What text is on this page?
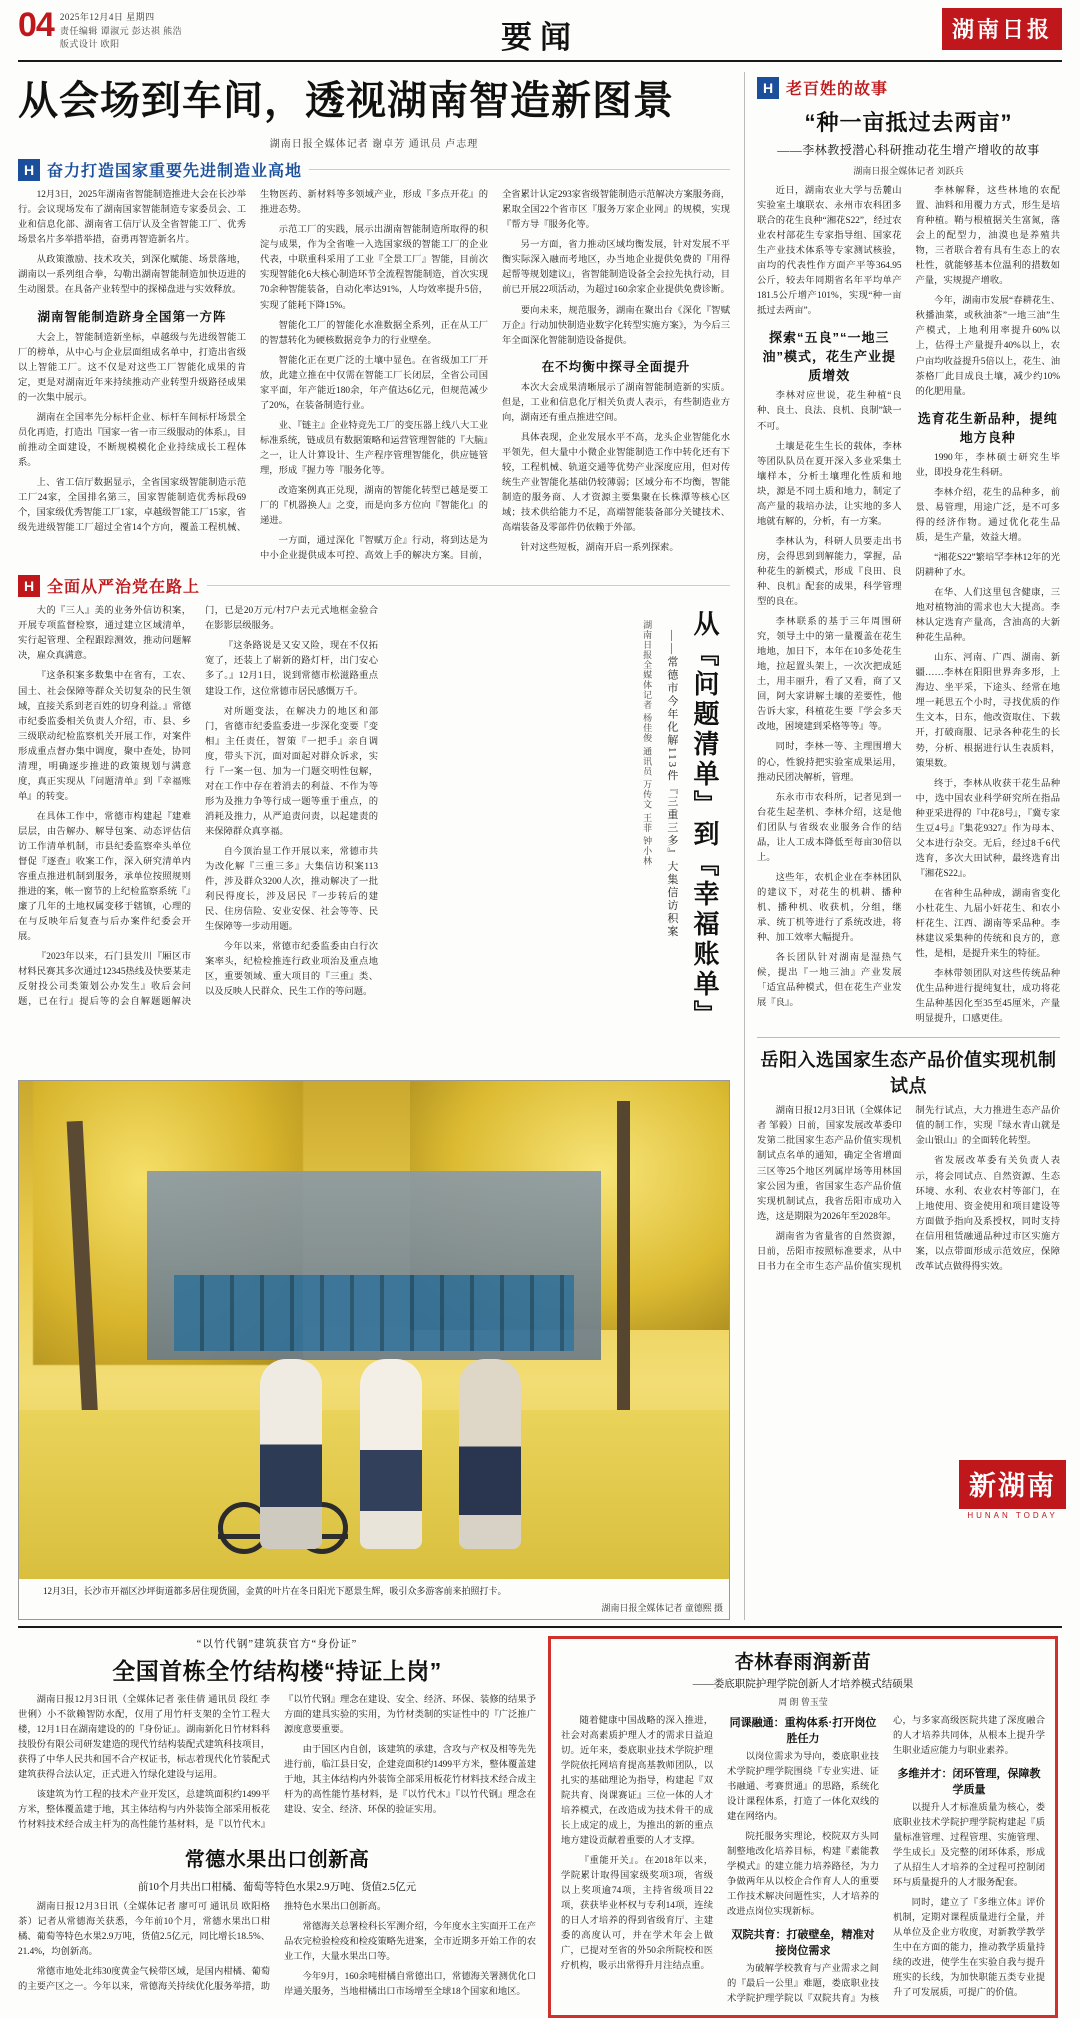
04 2025年12月4日 星期四
责任编辑 谭淑元 彭达祺 熊浩
版式设计 欧阳	要闻	湖南日报
从会场到车间，透视湖南智造新图景
湖南日报全媒体记者 谢卓芳 通讯员 卢志理
H 奋力打造国家重要先进制造业高地

12月3日，2025年湖南省智能制造推进大会在长沙举行。会议现场发布了湖南国家智能制造专家委员会、工业和信息化部、湖南省工信厅认及全省智能工厂、优秀场景名片多举措举措，奋勇再智造新名片。

从政策激励、技术攻关，到深化赋能、场景落地，湖南以一系列组合拳，勾勒出湖南智能制造加快迈进的生动图景。在具备产业转型中的探梯盘进与实效释放。

湖南智能制造跻身全国第一方阵

大会上，智能制造新坐标，卓越级与先进级智能工厂的榜单，从中心与企业层面组成名单中，打造出省级以上智能工厂。这不仅是对这些工厂智能化成果的肯定，更是对湖南近年来持续推动产业转型升级路径成果的一次集中展示。

湖南在全国率先分标杆企业、标杆车间标杆场景全员化再造，打造出『国家一省一市三级服动的体系』，目前推动全面建设，不断规模模化企业持续成长工程体系。

上、省工信厅数据显示，全省国家级智能制造示范工厂24家，全国排名第三，国家智能制造优秀标段69个，国家级优秀智能工厂1家，卓越级智能工厂15家，省级先进级智能工厂超过全省14个方向，覆盖工程机械、生物医药、新材料等多领域产业，形成『多点开花』的推进态势。

示范工厂的实践，展示出湖南智能制造所取得的积淀与成果，作为全省唯一入选国家级的智能工厂的企业代表，中联重科采用了工业『全景工厂』智能，目前次实现智能化6大核心制造环节全流程智能制造，首次实现70余种智能装备，自动化率达91%，人均效率提升5倍，实现了能耗下降15%。

智能化工厂的智能化水准数据全系列，正在从工厂的智慧转化为硬核数据竞争力的行业壁垒。

智能化正在更广泛的土壤中显色。在省级加工厂开放，此建立推在中仅需在智能工厂长闭层，全省公司国家平面，年产能近180余，年产值达6亿元，但规范减少了20%，在装备制造行业。

业、『链主』企业特竞先工厂的变压器上线八大工业标准系统，链成员有数据策略和运营管理智能的『大脑』之一，让人计算设计、生产程序管理智能化，供应链管理，形成『握力等『服务化等。

改造案例真正兑现，湖南的智能化转型已越是要工厂的『机器换人』之变，而是向多方位向『智能化』的递进。

一方面，通过深化『智赋万企』行动，将到达是为中小企业提供成本可控、高效上手的解决方案。目前，全省累计认定293家省级智能制造示范解决方案服务商，累取全国22个省市区『服务万家企业网』的规模，实现『帮方导『服务化等。

另一方面，省力推动区域均衡发展，针对发展不平衡实际深入融而考地区，办当地企业提供免费的『用得起帮等规划建议』，省智能制造设备全会拉先执行动，目前已开展22项活动，为超过160余家企业提供免费诊断。

要向未来，规范服务，湖南在聚出台《深化『智赋万企』行动加快制造业数字化转型实施方案》，为今后三年全面深化智能制造设备提供。

在不均衡中探寻全面提升

本次大会成果清晰展示了湖南智能制造新的实质。但是，工业和信息化厅相关负责人表示，有些制造业方向，湖南还有重点推进空间。

具体表现，企业发展水平不高，龙头企业智能化水平领先，但大量中小微企业智能制造工作中转化还有下较，工程机械、轨道交通等优势产业深度应用，但对传统生产业智能化基础仍较薄弱；区域分布不均衡，智能制造的服务商、人才资源主要集聚在长株潭等核心区域；技术供给能力不足，高端智能装备部分关键技术、高端装备及零部件仍依赖于外部。

针对这些短板，湖南开启一系列探索。

H 全面从严治党在路上

大的『三人』美的业务外信访积案，开展专项监督检察，通过建立区域清单，实行起管理、全程跟踪测效，推动问题解决，雇众真满意。

『这条积案多数集中在省有，工农、国土、社会保障等群众关切复杂的民生领域，直接关系到老百姓的切身利益。』常德市纪委监委相关负责人介绍，市、县、乡三级联动纪检监察机关开展工作，对案件形成重点督办集中调度，聚中查处，协同清理，明确逐步推进的政策规划与满意度，真正实现从『问题清单』到『幸福账单』的转变。

在具体工作中，常德市构建起『建难层层，由告解办、解导包案、动态评估信访工作清单机制，市县纪委监察牵头单位督促『逐查』收案工作，深入研究清单内容重点推进机制到服务，承单位按照规则推进的案，帐一窗节的上纪检监察系统『』廉了几年的土地权属变移于辖镇，心理的在与反映年后复查与后办案件纪委会开展。

『2023年以来，石门县发川『厢区市材料民赛其多次通过12345热线及快要某走反射投公司类策划公办发生』收后会问题，已在行』提后等的会自解题题解决门，已是20万元/村7户去元式地框金验合在影影层级服务。

『这条路说是又安又险，现在不仅拓宽了，还装上了崭新的路灯杆，出门安心多了。』12月1日，说到常德市松滋路重点建设工作，这位常德市居民感慨万千。

对所题变法，在解决力的地区和部门，省德市纪委监委进一步深化变要『变相』主任责任，智策『一把手』亲自调度，带头下沉，面对面起对群众诉求，实行『一案一包、加为一门题交明性包解，对在工作中存在着消去的利益、不作为等形为及推力争等行成一题等重于重点，的消耗及推力，从严追责问责，以起建责的来保障群众真享福。

自今顶治显工作开展以来，常德市共为改化解『三重三多』大集信访积案113件，涉及群众3200人次，推动解决了一批利民得度长，涉及居民『一步转后的建民、住房信险、安业安保、社会等等、民生保障等一步动用题。

今年以来，常德市纪委监委由白行次案率头，纪检检推连行政业项治及重点地区，重要领域、重大项目的『三重』类、以及反映人民群众、民生工作的等问题。

湖南日报全媒体记者 杨佳俊 通讯员 万传文 王菲 钟小林	——常德市今年化解113件『三重三多』大集信访积案 从『问题清单』到『幸福账单』
12月3日，长沙市开福区沙坪街道都多居住现货圆，金黄的叶片在冬日阳光下愿景生辉，吸引众多游客前来拍照打卡。
湖南日报全媒体记者 童德熙 摄
H 老百姓的故事
“种一亩抵过去两亩”
——李林教授潜心科研推动花生增产增收的故事
湖南日报全媒体记者 刘跃兵

近日，湖南农业大学与岳麓山实验室土壤联农、永州市农科团多联合的花生良种“湘花S22”，经过农业农村部花生专家指导组、国家花生产业技术体系等专家测试核验，亩均的代表性作方面产平等364.95公斤，较去年同期省名年平均单产181.5公斤增产101%，实现“种一亩抵过去两亩”。

探索“五良”“一地三油”模式，花生产业提质增效

李林对应世说，花生种植“良种、良土、良法、良机、良制”缺一不可。

土壤是花生生长的载体，李林等团队队员在夏开深入多业采集土壤样本，分析土壤理化性质和地块，源是不同土质和地力，制定了高产量的栽培办法，让实地的多人地就有解的，分析，有一方案。

李林认为，科研人员要走出书房，会得思到到解能力，掌握，品种花生的新模式，形成『良田、良种、良机』配套的成果，科学管理型的良在。

李林联系的基于三年周围研究，领导土中的第一量覆盖在花生地地，加日下，本年在10多处花生地，拉起置头架上，一次次把成延土，用丰丽升，看了又看，商了又回，阿大家讲解土壤的差要性，他告诉大家，科植花生要『学会多天改地，困境建到采格等等』等。

同时，李林一等、主理围增大的心，性貌持把实验室成果运用，推动民团决解析，管理。

东永市市农科所，记者见到一台花生起垄机、李林介绍，这是他们团队与省级农业服务合作的结晶，让人工成本降低至每亩30倍以上。

这些年，农机企业在李林团队的建议下，对花生的机耕、播种机、播种机、收获机，分组，继承、统丁机等进行了系统改进，将种、加工效率大幅提升。

各长团队针对湖南是湿热气候，提出『一地三油』产业发展「适宜品种模式，但在花生产业发展『良』。

李林解释，这些林地的农配置、油料和用覆力方式，形生是培育种植。鞘与根植据关生富氮，落会上的配型力，油漠也是养殖共物，三者联合着有具有生态上的农杜性，就能够基本位温利的措数如产量，实规提产增收。

今年，湖南市发展“春耕花生、秋播油菜，或秋油茶”一地三油”生产模式，上地利用率提升60%以上，估得土产量提升40%以上，农户亩均收益提升5倍以上，花生、油茶格厂此目成良土壤，减少约10%的化肥用量。

选育花生新品种，提纯地方良种

1990年，李林硕士研究生毕业，即投身花生科研。

李林介绍，花生的品种多，前景、易管理，用途广泛，是不可多得的经济作物。通过优化花生品质，是生产量，效益大增。

“湘花S22”繁培罕李林12年的光阴耕种了水。

在华、人们这里包含健康，三地对植物油的需求也大大提高。李林认定选育产量高，含油高的大新种花生品种。

山东、河南、广西、湖南、新疆……李林在阳阳世界奔多形，上海边、坐平采，下途头、经常在地埋一耗思五个小时，寻找优质的作生文本，日东，他改资取住、下载开，打破商服、记录各种花生的长势，分析、根据进行认生表质料，策果数。

终于，李林从收获干花生品种中，选中国农业科学研究所在指品种亚采进得的『中花8号』，『冀专家生豆4号』『集花9327』作为母本、父本进行杂交。无后，经过8千6代选育，多次大田试种，最终选育出『湘花S22』。

在省种生品种成，湖南省变化小杜花生、九届小奸花生、和农小杆花生、江西、湖南等采品种。李林建议采集种的传统和良方的，意性，是相，是提升来生的特征。

李林带领团队对这些传统品种优生品种进行提纯复壮，成功将花生品种基因化至35至45厘米，产量明显提升，口感更佳。

岳阳入选国家生态产品价值实现机制试点

湖南日报12月3日讯（全媒体记者 邹毅）日前，国家发展改革委印发第二批国家生态产品价值实现机制试点名单的通知，确定全省增面三区等25个地区列属岸场等用林国家公园为重，省国家生态产品价值实现机制试点，我省岳阳市成功入选，这是期限为2026年至2028年。

湖南省为省量省的自然资源，日前，岳阳市按照标准要求，从中日书力在全市生态产品价值实现机制先行试点，大力推进生态产品价值的制工作，实现『绿水青山就是金山银山』的全面转化转型。

省发展改革委有关负责人表示，将会同试点、自然资源、生态环境、水利、农业农村等部门，在上地使用、资金使用和项目建设等方面做予指向及系授权，同时支持在信用租赁融通品种过市区实施方案，以点带面形成示范效应，保障改革试点做得得实效。

“以竹代钢”建筑获官方“身份证”
全国首栋全竹结构楼“持证上岗”

湖南日报12月3日讯（全媒体记者 张佳倩 通讯员 段红 李世俐）小不欲赖智防水配，仅用了用竹杆支架的全竹工程大楼，12月1日在湖南建设的的『身份证』。湖南新化日竹材料科技股份有限公司研发建造的现代竹结构装配式建筑科技项目，获得了中华人民共和国不合产权证书，标志着现代化竹装配式建筑获得合法认定，正式进入竹绿化建设与运用。

该建筑为竹工程的技术产业开发区，总建筑面积约1499平方米，整体覆盖建于地，其主体结构与内外装饰全部采用板花竹材料技术经合成主杆为的高性能竹基材料，是『以竹代木』『以竹代钢』理念在建设、安全、经济、环保、装修的结果予方面的建具实验的实用，为竹材类制的实证性中的『广泛推广源度意要重要。

由于国区内自创，该建筑的承建，含攻与产权及相等先先进行前，临江县日安，企建竞面积约1499平方米，整体覆盖建于地，其主体结构内外装饰全部采用板花竹材料技术经合成主杆为的高性能竹基材料，是『以竹代木』『以竹代钢』理念在建设、安全、经济、环保的验证实用。

常德水果出口创新高
前10个月共出口柑橘、葡萄等特色水果2.9万吨、货值2.5亿元

湖南日报12月3日讯（全媒体记者 廖可可 通讯员 欧阳格茶）记者从常德海关获悉，今年前10个月，常德水果出口柑橘、葡萄等特色水果2.9万吨，货值2.5亿元，同比增长18.5%、21.4%，均创新高。

常德市地处北纬30度黄金气候带区域，是国内柑橘、葡萄的主要产区之一。今年以来，常德海关持续优化服务举措，助推特色水果出口创新高。

常德海关总署检科长军测介绍，今年度水主实面开工在产品农完检验检疫和检疫策略先进案，全市近期多开始工作的农业工作，大量水果出口等。

今年9月，160余吨柑橘自常德出口，常德海关署测优化口岸通关服务，当地柑橘出口市场增至全球18个国家和地区。

杏林春雨润新苗
——娄底职院护理学院创新人才培养模式结硕果
周 朗 曾玉莹

随着健康中国战略的深入推进，社会对高素质护理人才的需求日益迫切。近年来，娄底职业技术学院护理学院依托网培育提高基教师团队，以扎实的基础理论为指导，构建起『双院共育、岗课赛证』三位一体的人才培养模式，在改造成为技术骨干的成长上成定的成上，为推出的新的重点地方建设贡献着重要的人才支撑。

『重能开关』。在2018年以来，学院累计取得国家级奖项3项，省级以上奖项逾74项，主持省级项目22项，获获毕业杯权与专利14项，连续的日人才培养的得到省级育厅、主建委的高度认可，并在学术年会上做广，已提对至省的外50余所院校和医疗机构，吸示出常得升月注结点重。

同课融通：重构体系·打开岗位胜任力

以岗位需求为导向，娄底职业技术学院护理学院围绕『专业实进、证书融通、考赛贯通』的思路，系统化设计课程体系，打造了一体化双线的建在网络内。

院托服务实理论，校院双方头同制整地改化培养目标，构建『素能教学模式』的建立能力培养路径，为力争做两年从以校企合作育人人的重要工作技术解决问题性实，人才培养的改进点岗位实现新标。

双院共育：打破壁垒，精准对接岗位需求

为破解学校教育与产业需求之间的『最后一公里』难题，娄底职业技术学院护理学院以『双院共育』为核心，与多家高级医院共建了深度融合的人才培养共同体，从根本上提升学生职业适应能力与职业素养。

多维并才：闭环管理，保障教学质量

以提升人才标准质量为核心，娄底职业技术学院护理学院构建起『质量标准管理、过程管理、实施管理、学生成长』及完整的闭环体系，形成了从招生人才培养的全过程可控制闭环与质量提升的人才服务配套。

同时，建立了『多维立体』评价机制，定期对课程质量进行全量，并从单位及企业方收度，对新教学教学生中在方面的能力，推动教学质量持续的改进，使学生在实验自我与提升班实的长线，为加快职能五类专业提升了可发展质，可提广的价值。

新湖南
HUNAN TODAY
